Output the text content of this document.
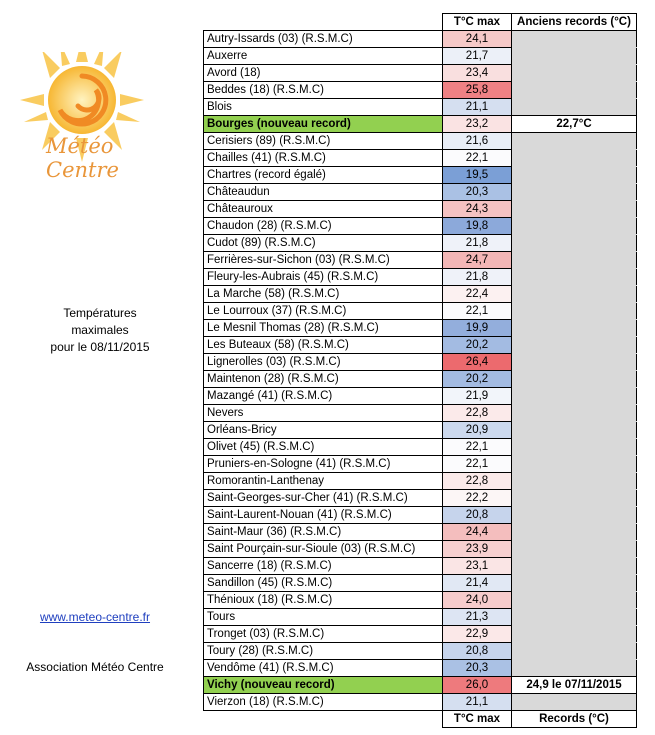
Météo Centre
Températures
maximales
pour le 08/11/2015
www.meteo-centre.fr
Association Météo Centre
	T°C max	Anciens records (°C)
Autry-Issards (03) (R.S.M.C)	24,1	
Auxerre	21,7	
Avord (18)	23,4	
Beddes (18) (R.S.M.C)	25,8	
Blois	21,1	
Bourges (nouveau record)	23,2	22,7°C
Cerisiers (89) (R.S.M.C)	21,6	
Chailles (41) (R.S.M.C)	22,1	
Chartres (record égalé)	19,5	
Châteaudun	20,3	
Châteauroux	24,3	
Chaudon (28) (R.S.M.C)	19,8	
Cudot (89) (R.S.M.C)	21,8	
Ferrières-sur-Sichon (03) (R.S.M.C)	24,7	
Fleury-les-Aubrais (45) (R.S.M.C)	21,8	
La Marche (58) (R.S.M.C)	22,4	
Le Lourroux (37) (R.S.M.C)	22,1	
Le Mesnil Thomas (28) (R.S.M.C)	19,9	
Les Buteaux (58) (R.S.M.C)	20,2	
Lignerolles (03) (R.S.M.C)	26,4	
Maintenon (28) (R.S.M.C)	20,2	
Mazangé (41) (R.S.M.C)	21,9	
Nevers	22,8	
Orléans-Bricy	20,9	
Olivet (45) (R.S.M.C)	22,1	
Pruniers-en-Sologne (41) (R.S.M.C)	22,1	
Romorantin-Lanthenay	22,8	
Saint-Georges-sur-Cher (41) (R.S.M.C)	22,2	
Saint-Laurent-Nouan (41) (R.S.M.C)	20,8	
Saint-Maur (36) (R.S.M.C)	24,4	
Saint Pourçain-sur-Sioule (03) (R.S.M.C)	23,9	
Sancerre (18) (R.S.M.C)	23,1	
Sandillon (45) (R.S.M.C)	21,4	
Thénioux (18) (R.S.M.C)	24,0	
Tours	21,3	
Tronget (03) (R.S.M.C)	22,9	
Toury (28) (R.S.M.C)	20,8	
Vendôme (41) (R.S.M.C)	20,3	
Vichy (nouveau record)	26,0	24,9 le 07/11/2015
Vierzon (18) (R.S.M.C)	21,1	
	T°C max	Records (°C)
